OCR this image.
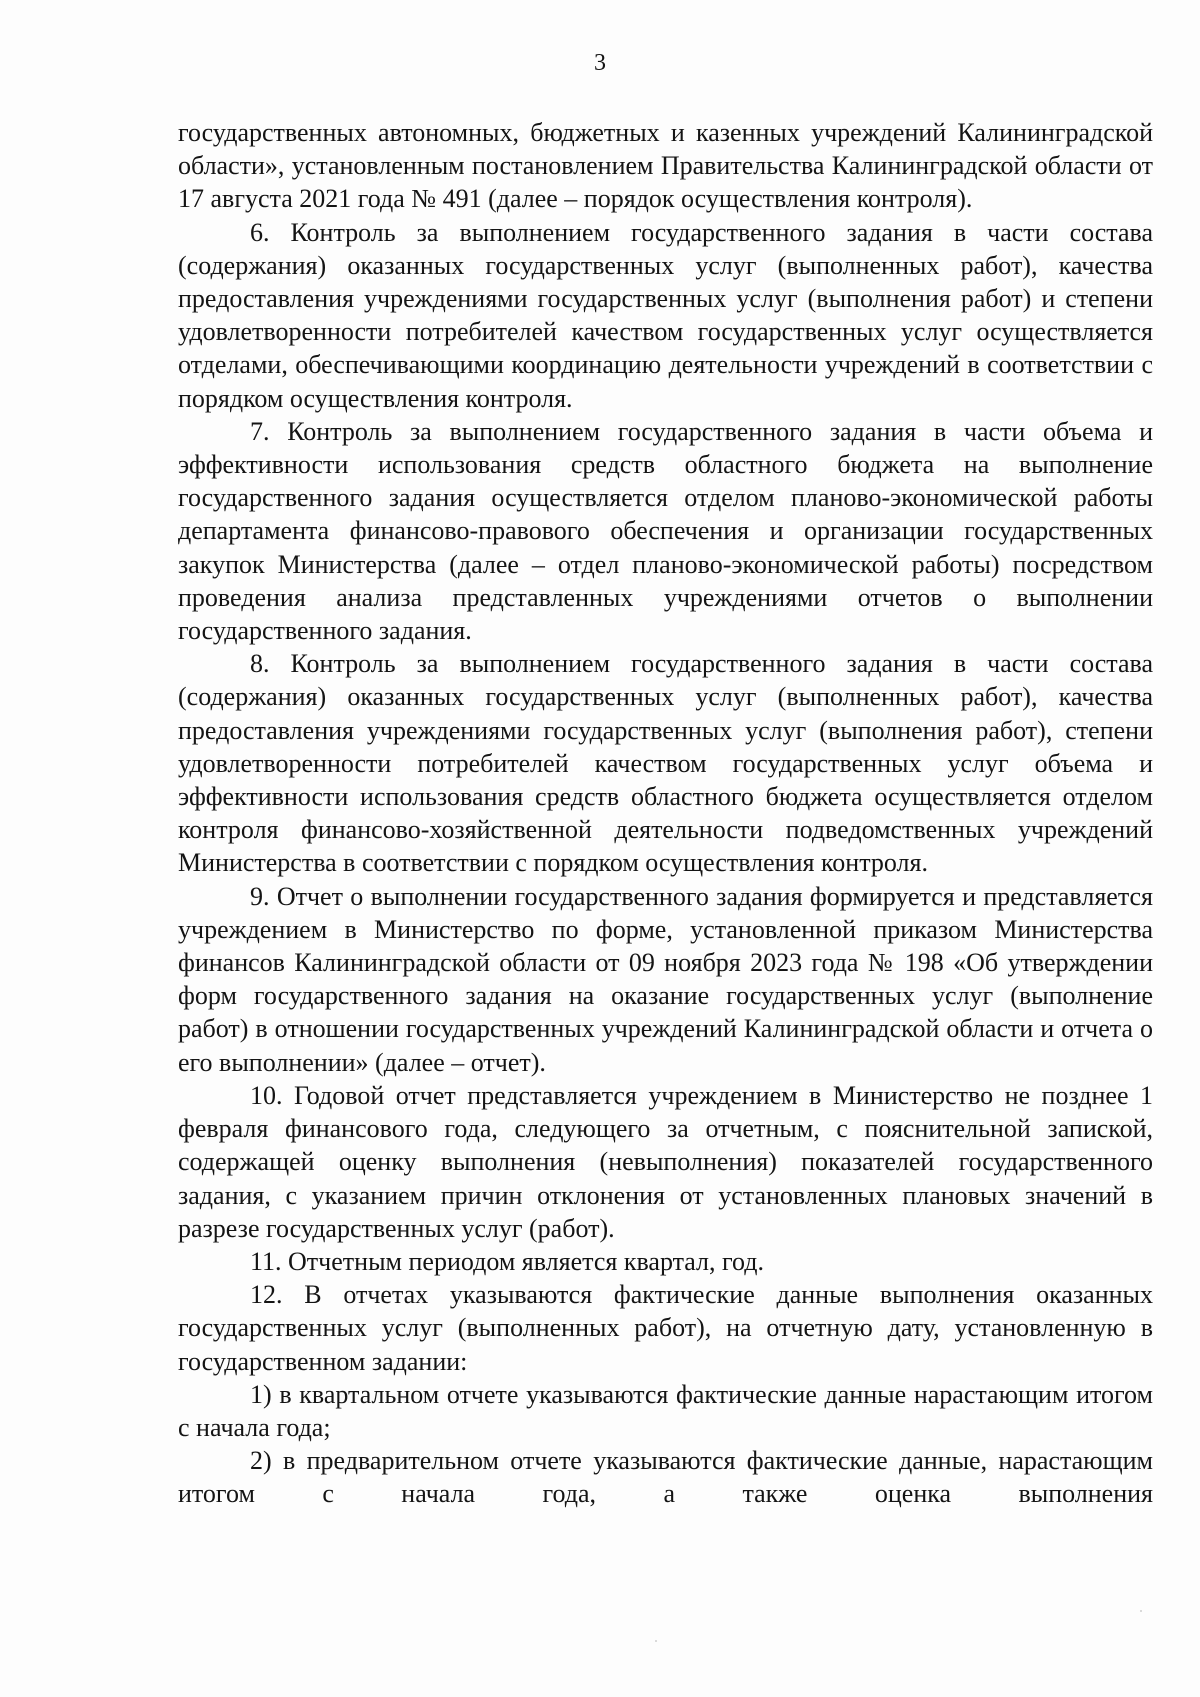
3

государственных автономных, бюджетных и казенных учреждений Калининградской области», установленным постановлением Правительства Калининградской области от 17 августа 2021 года № 491 (далее – порядок осуществления контроля).

6. Контроль за выполнением государственного задания в части состава (содержания) оказанных государственных услуг (выполненных работ), качества предоставления учреждениями государственных услуг (выполнения работ) и степени удовлетворенности потребителей качеством государственных услуг осуществляется отделами, обеспечивающими координацию деятельности учреждений в соответствии с порядком осуществления контроля.

7. Контроль за выполнением государственного задания в части объема и эффективности использования средств областного бюджета на выполнение государственного задания осуществляется отделом планово-экономической работы департамента финансово-правового обеспечения и организации государственных закупок Министерства (далее – отдел планово-экономической работы) посредством проведения анализа представленных учреждениями отчетов о выполнении государственного задания.

8. Контроль за выполнением государственного задания в части состава (содержания) оказанных государственных услуг (выполненных работ), качества предоставления учреждениями государственных услуг (выполнения работ), степени удовлетворенности потребителей качеством государственных услуг объема и эффективности использования средств областного бюджета осуществляется отделом контроля финансово-хозяйственной деятельности подведомственных учреждений Министерства в соответствии с порядком осуществления контроля.

9. Отчет о выполнении государственного задания формируется и представляется учреждением в Министерство по форме, установленной приказом Министерства финансов Калининградской области от 09 ноября 2023 года № 198 «Об утверждении форм государственного задания на оказание государственных услуг (выполнение работ) в отношении государственных учреждений Калининградской области и отчета о его выполнении» (далее – отчет).

10. Годовой отчет представляется учреждением в Министерство не позднее 1 февраля финансового года, следующего за отчетным, с пояснительной запиской, содержащей оценку выполнения (невыполнения) показателей государственного задания, с указанием причин отклонения от установленных плановых значений в разрезе государственных услуг (работ).

11. Отчетным периодом является квартал, год.

12. В отчетах указываются фактические данные выполнения оказанных государственных услуг (выполненных работ), на отчетную дату, установленную в государственном задании:

1) в квартальном отчете указываются фактические данные нарастающим итогом с начала года;

2) в предварительном отчете указываются фактические данные, нарастающим итогом с начала года, а также оценка выполнения
